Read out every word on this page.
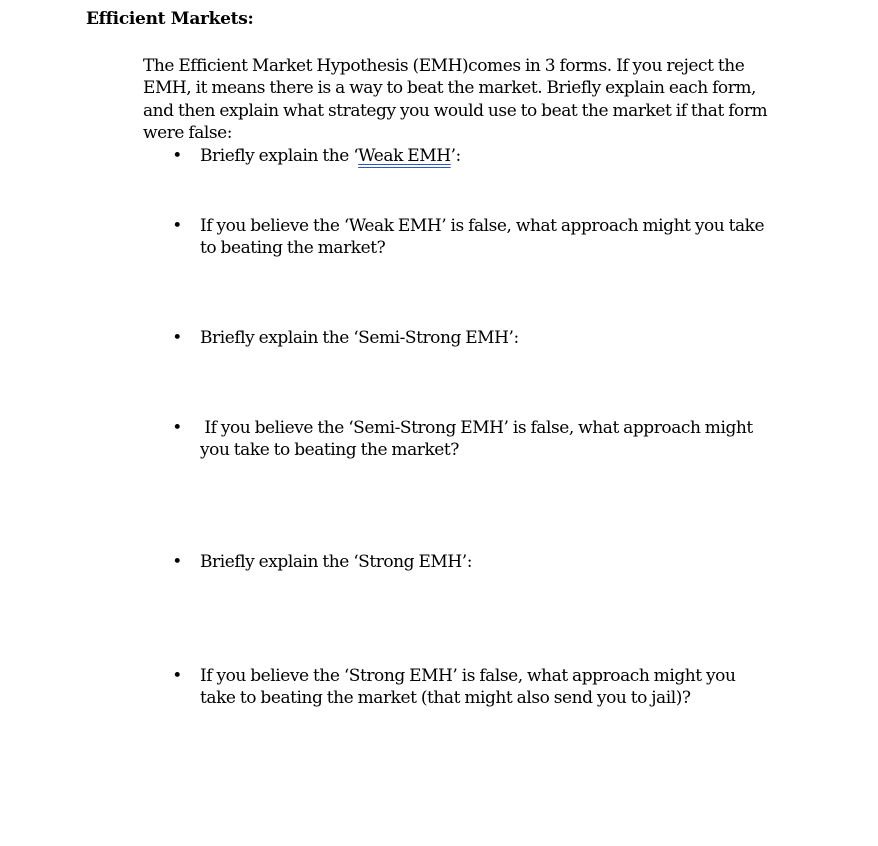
Efficient Markets:
The Efficient Market Hypothesis (EMH)comes in 3 forms. If you reject the EMH, it means there is a way to beat the market. Briefly explain each form, and then explain what strategy you would use to beat the market if that form were false:
• Briefly explain the ‘Weak EMH’:
• If you believe the ‘Weak EMH’ is false, what approach might you take to beating the market?
• Briefly explain the ‘Semi-Strong EMH’:
• If you believe the ‘Semi-Strong EMH’ is false, what approach might you take to beating the market?
• Briefly explain the ‘Strong EMH’:
• If you believe the ‘Strong EMH’ is false, what approach might you take to beating the market (that might also send you to jail)?
